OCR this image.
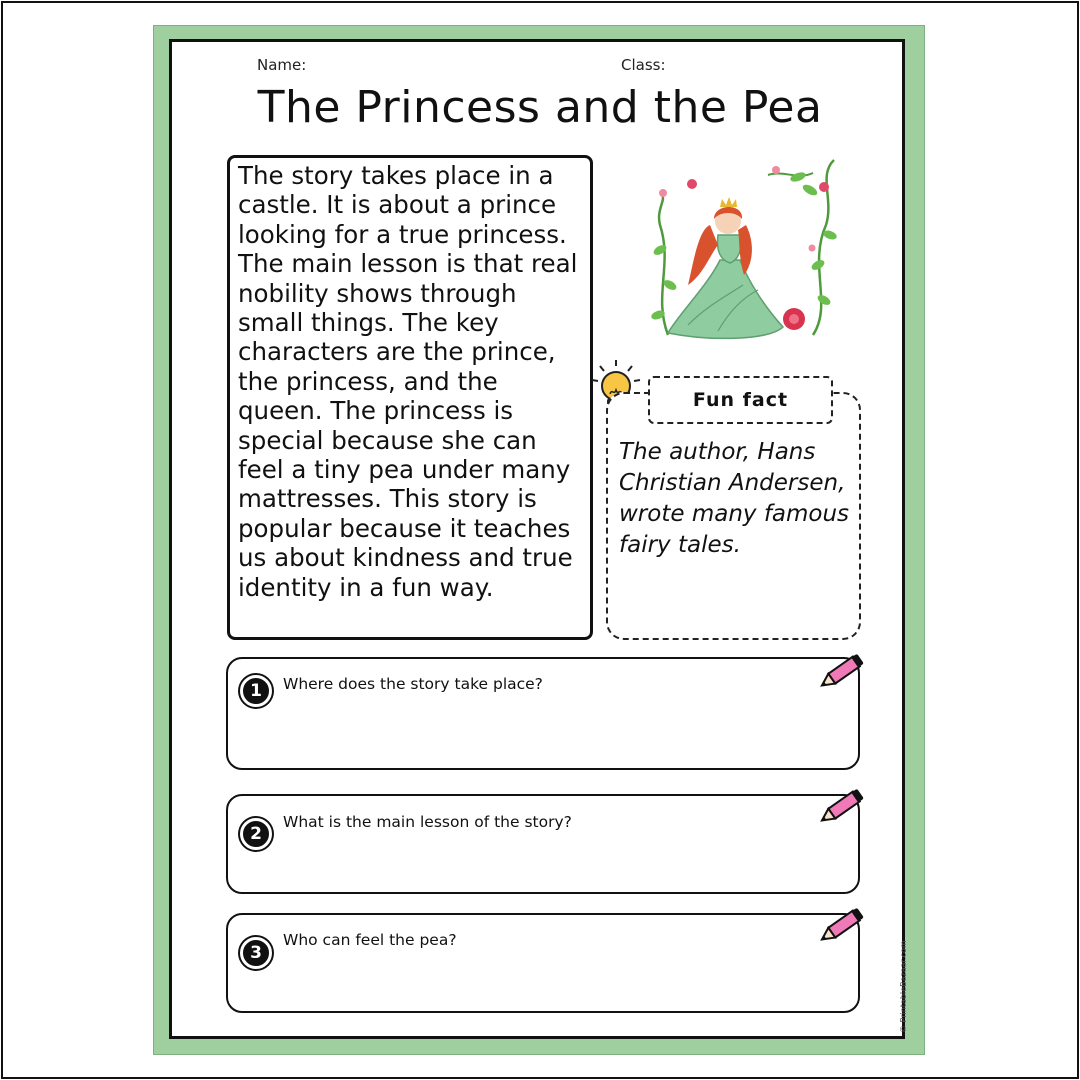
Name:	Class:
The Princess and the Pea

The story takes place in a castle. It is about a prince looking for a true princess. The main lesson is that real nobility shows through small things. The key characters are the prince, the princess, and the queen. The princess is special because she can feel a tiny pea under many mattresses. This story is popular because it teaches us about kindness and true identity in a fun way.

Fun fact

The author, Hans Christian Andersen, wrote many famous fairy tales.

1	Where does the story take place?
2
What is the main lesson of the story?
3
Who can feel the pea?
© PrintableBazaar.com
